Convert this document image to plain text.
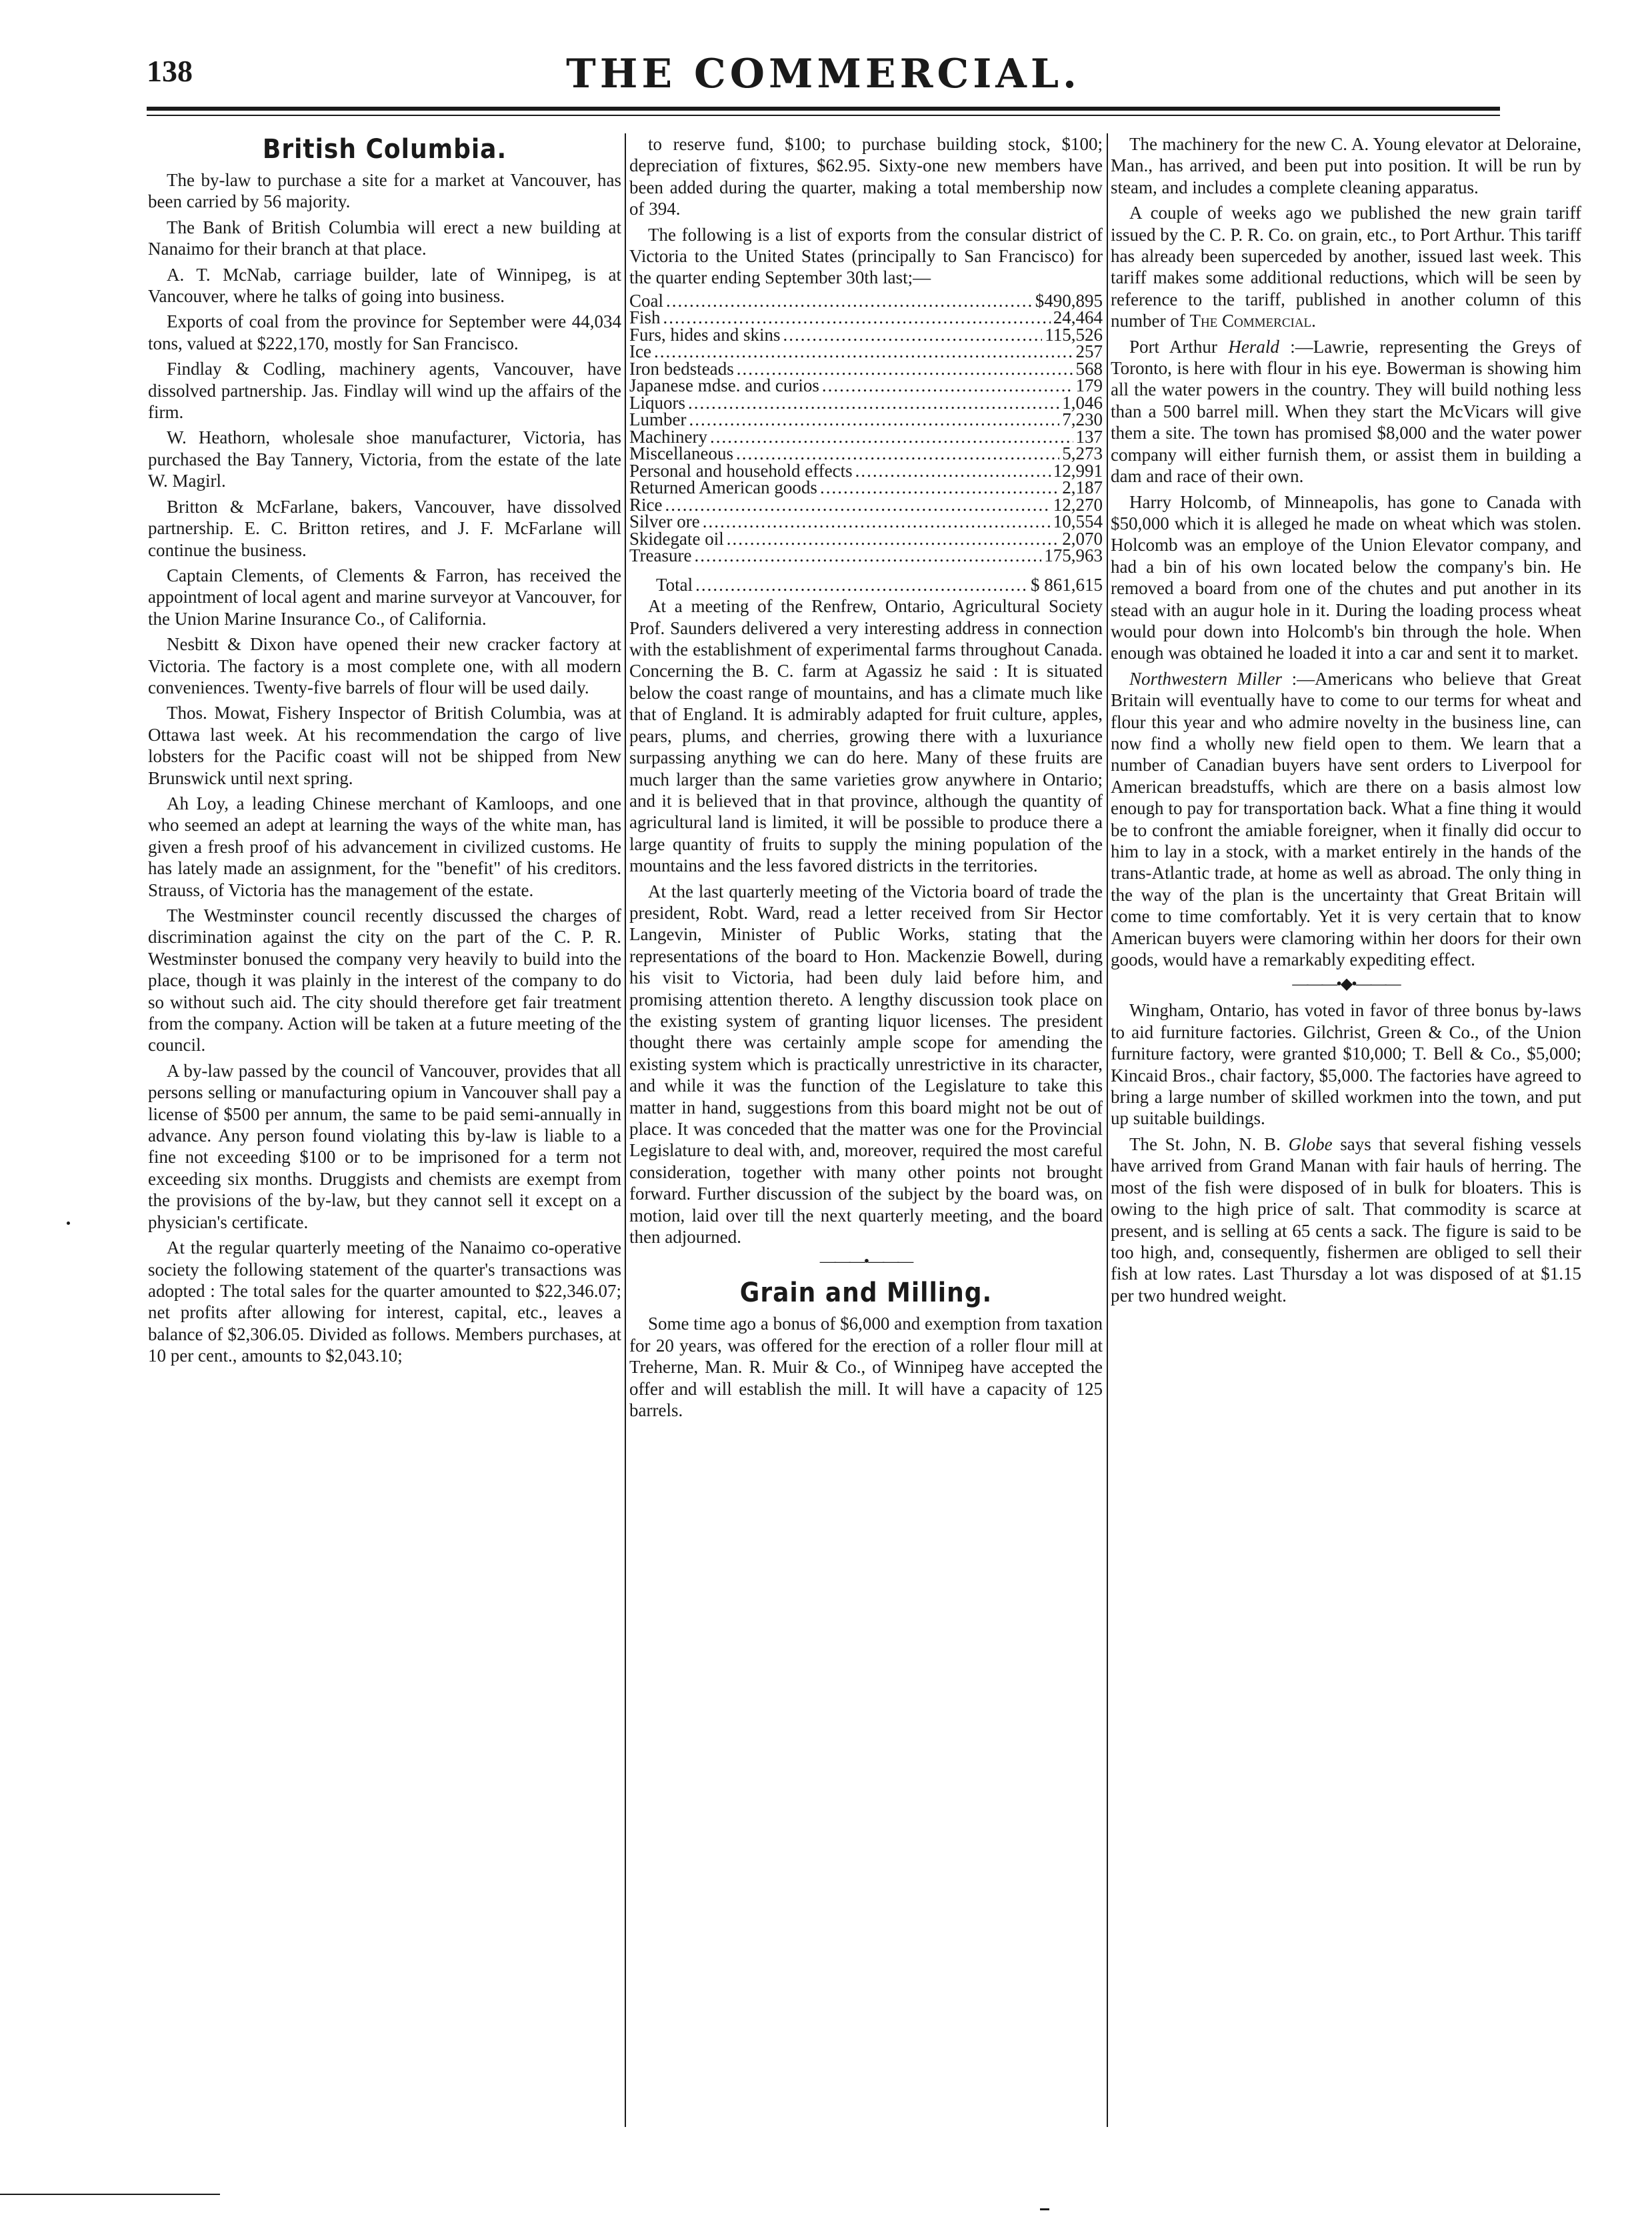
138	THE COMMERCIAL.
British Columbia.

The by-law to purchase a site for a market at Vancouver, has been carried by 56 majority.

The Bank of British Columbia will erect a new building at Nanaimo for their branch at that place.

A. T. McNab, carriage builder, late of Winnipeg, is at Vancouver, where he talks of going into business.

Exports of coal from the province for September were 44,034 tons, valued at $222,170, mostly for San Francisco.

Findlay & Codling, machinery agents, Vancouver, have dissolved partnership. Jas. Findlay will wind up the affairs of the firm.

W. Heathorn, wholesale shoe manufacturer, Victoria, has purchased the Bay Tannery, Victoria, from the estate of the late W. Magirl.

Britton & McFarlane, bakers, Vancouver, have dissolved partnership. E. C. Britton retires, and J. F. McFarlane will continue the business.

Captain Clements, of Clements & Farron, has received the appointment of local agent and marine surveyor at Vancouver, for the Union Marine Insurance Co., of California.

Nesbitt & Dixon have opened their new cracker factory at Victoria. The factory is a most complete one, with all modern conveniences. Twenty-five barrels of flour will be used daily.

Thos. Mowat, Fishery Inspector of British Columbia, was at Ottawa last week. At his recommendation the cargo of live lobsters for the Pacific coast will not be shipped from New Brunswick until next spring.

Ah Loy, a leading Chinese merchant of Kamloops, and one who seemed an adept at learning the ways of the white man, has given a fresh proof of his advancement in civilized customs. He has lately made an assignment, for the "benefit" of his creditors. Strauss, of Victoria has the management of the estate.

The Westminster council recently discussed the charges of discrimination against the city on the part of the C. P. R. Westminster bonused the company very heavily to build into the place, though it was plainly in the interest of the company to do so without such aid. The city should therefore get fair treatment from the company. Action will be taken at a future meeting of the council.

A by-law passed by the council of Vancouver, provides that all persons selling or manufacturing opium in Vancouver shall pay a license of $500 per annum, the same to be paid semi-annually in advance. Any person found violating this by-law is liable to a fine not exceeding $100 or to be imprisoned for a term not exceeding six months. Druggists and chemists are exempt from the provisions of the by-law, but they cannot sell it except on a physician's certificate.

At the regular quarterly meeting of the Nanaimo co-operative society the following statement of the quarter's transactions was adopted : The total sales for the quarter amounted to $22,346.07; net profits after allowing for interest, capital, etc., leaves a balance of $2,306.05. Divided as follows. Members purchases, at 10 per cent., amounts to $2,043.10;

to reserve fund, $100; to purchase building stock, $100; depreciation of fixtures, $62.95. Sixty-one new members have been added during the quarter, making a total membership now of 394.

The following is a list of exports from the consular district of Victoria to the United States (principally to San Francisco) for the quarter ending September 30th last;—

Coal .....	$490,895
Fish .....	24,464
Furs, hides and skins .....	115,526
Ice .....	257
Iron bedsteads .....	568
Japanese mdse. and curios .....	179
Liquors .....	1,046
Lumber .....	7,230
Machinery .....	137
Miscellaneous .....	5,273
Personal and household effects .....	12,991
Returned American goods .....	2,187
Rice .....	12,270
Silver ore .....	10,554
Skidegate oil .....	2,070
Treasure .....	175,963
Total .....	$ 861,615

At a meeting of the Renfrew, Ontario, Agricultural Society Prof. Saunders delivered a very interesting address in connection with the establishment of experimental farms throughout Canada. Concerning the B. C. farm at Agassiz he said : It is situated below the coast range of mountains, and has a climate much like that of England. It is admirably adapted for fruit culture, apples, pears, plums, and cherries, growing there with a luxuriance surpassing anything we can do here. Many of these fruits are much larger than the same varieties grow anywhere in Ontario; and it is believed that in that province, although the quantity of agricultural land is limited, it will be possible to produce there a large quantity of fruits to supply the mining population of the mountains and the less favored districts in the territories.

At the last quarterly meeting of the Victoria board of trade the president, Robt. Ward, read a letter received from Sir Hector Langevin, Minister of Public Works, stating that the representations of the board to Hon. Mackenzie Bowell, during his visit to Victoria, had been duly laid before him, and promising attention thereto. A lengthy discussion took place on the existing system of granting liquor licenses. The president thought there was certainly ample scope for amending the existing system which is practically unrestrictive in its character, and while it was the function of the Legislature to take this matter in hand, suggestions from this board might not be out of place. It was conceded that the matter was one for the Provincial Legislature to deal with, and, moreover, required the most careful consideration, together with many other points not brought forward. Further discussion of the subject by the board was, on motion, laid over till the next quarterly meeting, and the board then adjourned.

———•———
Grain and Milling.

Some time ago a bonus of $6,000 and exemption from taxation for 20 years, was offered for the erection of a roller flour mill at Treherne, Man. R. Muir & Co., of Winnipeg have accepted the offer and will establish the mill. It will have a capacity of 125 barrels.

The machinery for the new C. A. Young elevator at Deloraine, Man., has arrived, and been put into position. It will be run by steam, and includes a complete cleaning apparatus.

A couple of weeks ago we published the new grain tariff issued by the C. P. R. Co. on grain, etc., to Port Arthur. This tariff has already been superceded by another, issued last week. This tariff makes some additional reductions, which will be seen by reference to the tariff, published in another column of this number of The Commercial.

Port Arthur Herald :—Lawrie, representing the Greys of Toronto, is here with flour in his eye. Bowerman is showing him all the water powers in the country. They will build nothing less than a 500 barrel mill. When they start the McVicars will give them a site. The town has promised $8,000 and the water power company will either furnish them, or assist them in building a dam and race of their own.

Harry Holcomb, of Minneapolis, has gone to Canada with $50,000 which it is alleged he made on wheat which was stolen. Holcomb was an employe of the Union Elevator company, and had a bin of his own located below the company's bin. He removed a board from one of the chutes and put another in its stead with an augur hole in it. During the loading process wheat would pour down into Holcomb's bin through the hole. When enough was obtained he loaded it into a car and sent it to market.

Northwestern Miller :—Americans who believe that Great Britain will eventually have to come to our terms for wheat and flour this year and who admire novelty in the business line, can now find a wholly new field open to them. We learn that a number of Canadian buyers have sent orders to Liverpool for American breadstuffs, which are there on a basis almost low enough to pay for transportation back. What a fine thing it would be to confront the amiable foreigner, when it finally did occur to him to lay in a stock, with a market entirely in the hands of the trans-Atlantic trade, at home as well as abroad. The only thing in the way of the plan is the uncertainty that Great Britain will come to time comfortably. Yet it is very certain that to know American buyers were clamoring within her doors for their own goods, would have a remarkably expediting effect.

———•◆•———

Wingham, Ontario, has voted in favor of three bonus by-laws to aid furniture factories. Gilchrist, Green & Co., of the Union furniture factory, were granted $10,000; T. Bell & Co., $5,000; Kincaid Bros., chair factory, $5,000. The factories have agreed to bring a large number of skilled workmen into the town, and put up suitable buildings.

The St. John, N. B. Globe says that several fishing vessels have arrived from Grand Manan with fair hauls of herring. The most of the fish were disposed of in bulk for bloaters. This is owing to the high price of salt. That commodity is scarce at present, and is selling at 65 cents a sack. The figure is said to be too high, and, consequently, fishermen are obliged to sell their fish at low rates. Last Thursday a lot was disposed of at $1.15 per two hundred weight.
